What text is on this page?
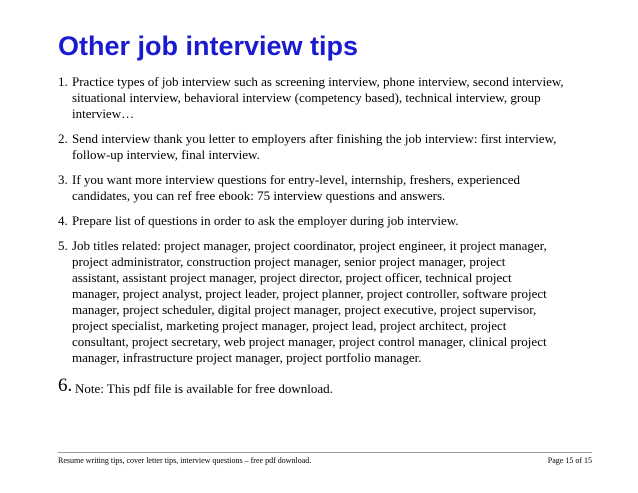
Other job interview tips
1. Practice types of job interview such as screening interview, phone interview, second interview,
situational interview, behavioral interview (competency based), technical interview, group
interview…
2. Send interview thank you letter to employers after finishing the job interview: first interview,
follow-up interview, final interview.
3. If you want more interview questions for entry-level, internship, freshers, experienced
candidates, you can ref free ebook: 75 interview questions and answers.
4. Prepare list of questions in order to ask the employer during job interview.
5. Job titles related: project manager, project coordinator, project engineer, it project manager,
project administrator, construction project manager, senior project manager, project
assistant, assistant project manager, project director, project officer, technical project
manager, project analyst, project leader, project planner, project controller, software project
manager, project scheduler, digital project manager, project executive, project supervisor,
project specialist, marketing project manager, project lead, project architect, project
consultant, project secretary, web project manager, project control manager, clinical project
manager, infrastructure project manager, project portfolio manager.
6. Note: This pdf file is available for free download.
Resume writing tips, cover letter tips, interview questions – free pdf download.	Page 15 of 15
